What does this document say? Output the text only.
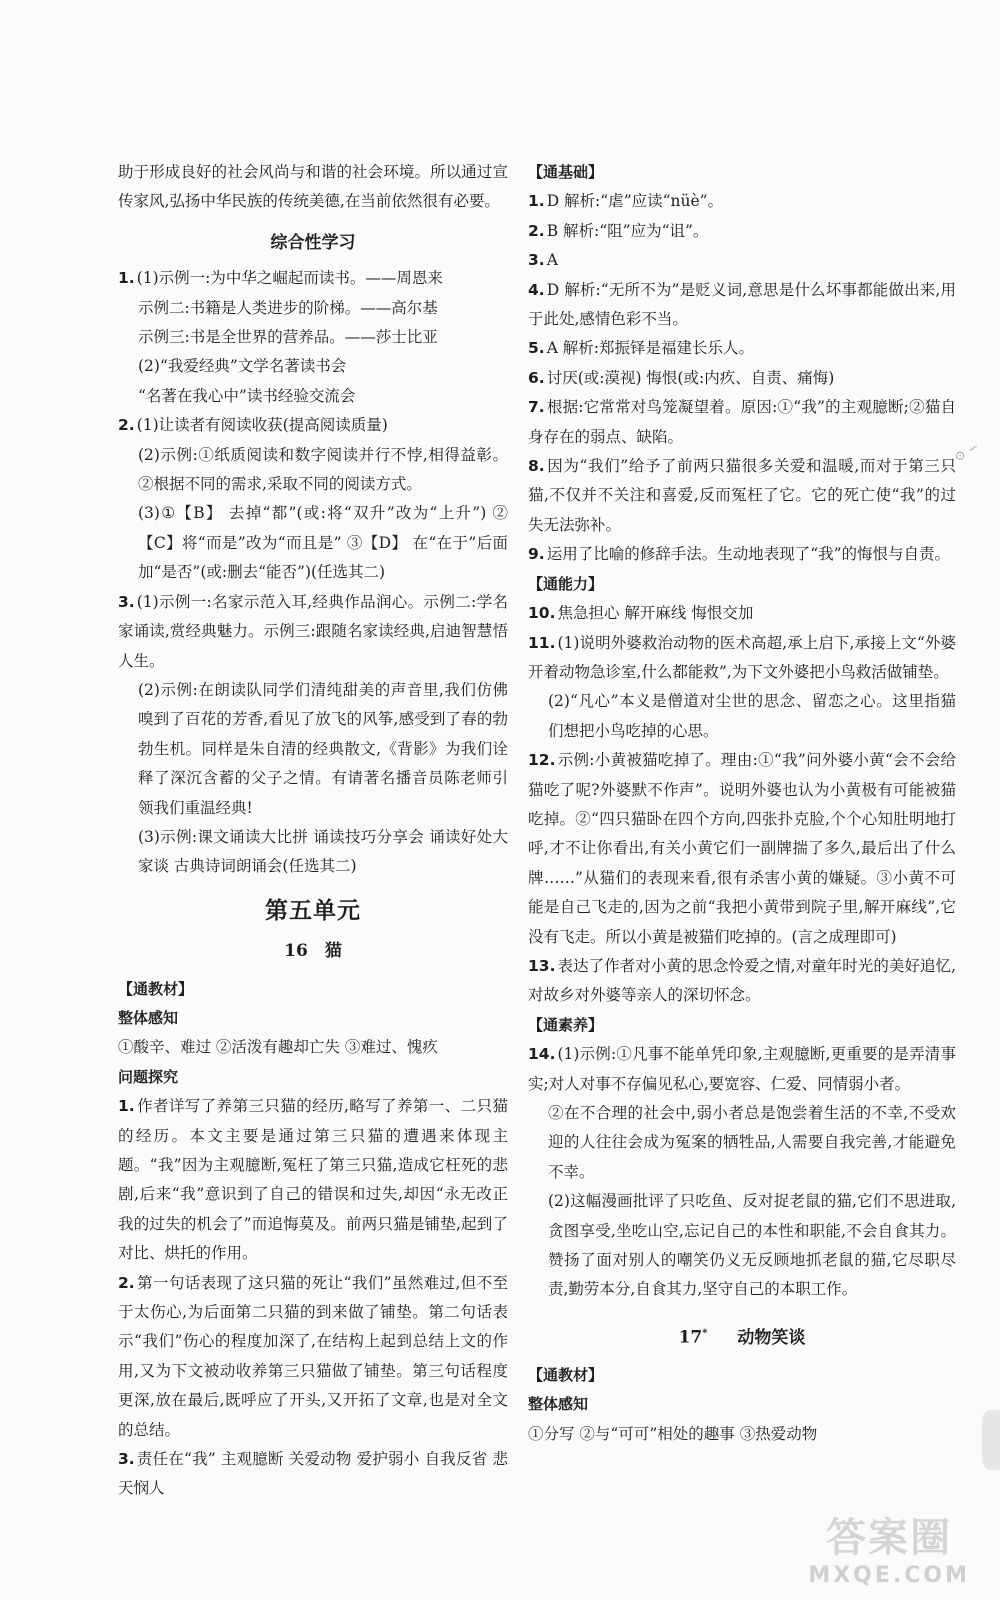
助于形成良好的社会风尚与和谐的社会环境。所以通过宣传家风,弘扬中华民族的传统美德,在当前依然很有必要。

综合性学习

1. (1)示例一:为中华之崛起而读书。——周恩来

示例二:书籍是人类进步的阶梯。——高尔基

示例三:书是全世界的营养品。——莎士比亚

(2)“我爱经典”文学名著读书会

“名著在我心中”读书经验交流会

2. (1)让读者有阅读收获(提高阅读质量)

(2)示例:①纸质阅读和数字阅读并行不悖,相得益彰。②根据不同的需求,采取不同的阅读方式。

(3)①【B】 去掉“都”(或:将“双升”改为“上升”) ②【C】将“而是”改为“而且是” ③【D】 在“在于”后面加“是否”(或:删去“能否”)(任选其二)

3. (1)示例一:名家示范入耳,经典作品润心。示例二:学名家诵读,赏经典魅力。示例三:跟随名家读经典,启迪智慧悟人生。

(2)示例:在朗读队同学们清纯甜美的声音里,我们仿佛嗅到了百花的芳香,看见了放飞的风筝,感受到了春的勃勃生机。同样是朱自清的经典散文,《背影》为我们诠释了深沉含蓄的父子之情。有请著名播音员陈老师引领我们重温经典!

(3)示例:课文诵读大比拼 诵读技巧分享会 诵读好处大家谈 古典诗词朗诵会(任选其二)

第五单元
16　猫
【通教材】
整体感知

①酸辛、难过 ②活泼有趣却亡失 ③难过、愧疚

问题探究

1. 作者详写了养第三只猫的经历,略写了养第一、二只猫的经历。本文主要是通过第三只猫的遭遇来体现主题。“我”因为主观臆断,冤枉了第三只猫,造成它枉死的悲剧,后来“我”意识到了自己的错误和过失,却因“永无改正我的过失的机会了”而追悔莫及。前两只猫是铺垫,起到了对比、烘托的作用。

2. 第一句话表现了这只猫的死让“我们”虽然难过,但不至于太伤心,为后面第二只猫的到来做了铺垫。第二句话表示“我们”伤心的程度加深了,在结构上起到总结上文的作用,又为下文被动收养第三只猫做了铺垫。第三句话程度更深,放在最后,既呼应了开头,又开拓了文章,也是对全文的总结。

3. 责任在“我” 主观臆断 关爱动物 爱护弱小 自我反省 悲天悯人

【通基础】

1. D 解析:“虐”应读“nüè”。

2. B 解析:“阻”应为“诅”。

3. A

4. D 解析:“无所不为”是贬义词,意思是什么坏事都能做出来,用于此处,感情色彩不当。

5. A 解析:郑振铎是福建长乐人。

6. 讨厌(或:漠视) 悔恨(或:内疚、自责、痛悔)

7. 根据:它常常对鸟笼凝望着。原因:①“我”的主观臆断;②猫自身存在的弱点、缺陷。

8. 因为“我们”给予了前两只猫很多关爱和温暖,而对于第三只猫,不仅并不关注和喜爱,反而冤枉了它。它的死亡使“我”的过失无法弥补。

9. 运用了比喻的修辞手法。生动地表现了“我”的悔恨与自责。

【通能力】

10. 焦急担心 解开麻线 悔恨交加

11. (1)说明外婆救治动物的医术高超,承上启下,承接上文“外婆开着动物急诊室,什么都能救”,为下文外婆把小鸟救活做铺垫。

(2)“凡心”本义是僧道对尘世的思念、留恋之心。这里指猫们想把小鸟吃掉的心思。

12. 示例:小黄被猫吃掉了。理由:①“我”问外婆小黄“会不会给猫吃了呢?外婆默不作声”。说明外婆也认为小黄极有可能被猫吃掉。②“四只猫卧在四个方向,四张扑克脸,个个心知肚明地打呼,才不让你看出,有关小黄它们一副牌揣了多久,最后出了什么牌……”从猫们的表现来看,很有杀害小黄的嫌疑。③小黄不可能是自己飞走的,因为之前“我把小黄带到院子里,解开麻线”,它没有飞走。所以小黄是被猫们吃掉的。(言之成理即可)

13. 表达了作者对小黄的思念怜爱之情,对童年时光的美好追忆,对故乡对外婆等亲人的深切怀念。

【通素养】

14. (1)示例:①凡事不能单凭印象,主观臆断,更重要的是弄清事实;对人对事不存偏见私心,要宽容、仁爱、同情弱小者。

②在不合理的社会中,弱小者总是饱尝着生活的不幸,不受欢迎的人往往会成为冤案的牺牲品,人需要自我完善,才能避免不幸。

(2)这幅漫画批评了只吃鱼、反对捉老鼠的猫,它们不思进取,贪图享受,坐吃山空,忘记自己的本性和职能,不会自食其力。赞扬了面对别人的嘲笑仍义无反顾地抓老鼠的猫,它尽职尽责,勤劳本分,自食其力,坚守自己的本职工作。

17* 动物笑谈
【通教材】
整体感知

①分写 ②与“可可”相处的趣事 ③热爱动物

⊙ ∽
答案圈
MXQE.COM
